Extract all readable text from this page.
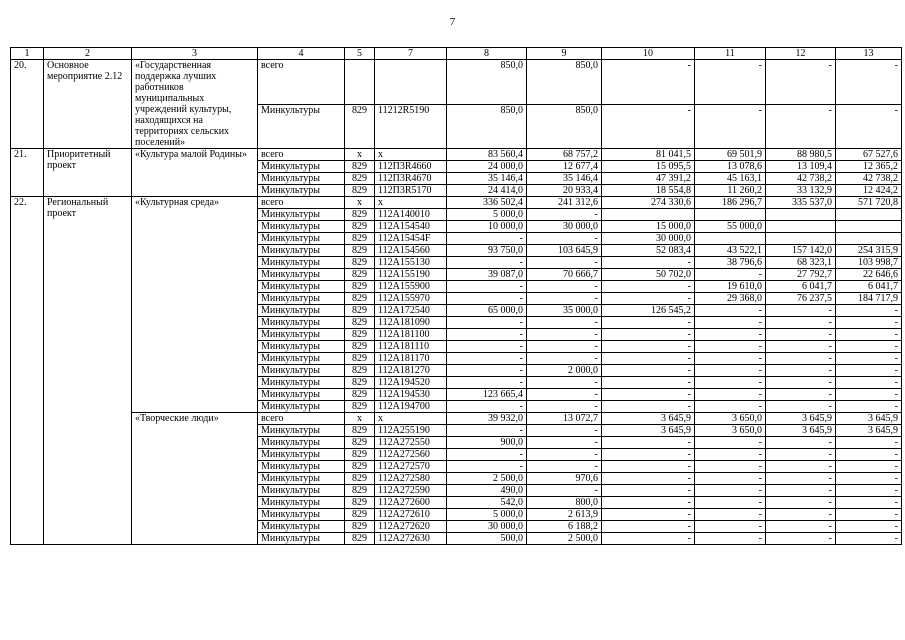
7
1	2	3	4	5	7	8	9	10	11	12	13
20.	Основное мероприятие 2.12	«Государственная поддержка лучших работников муниципальных учреждений культуры, находящихся на территориях сельских поселений»	всего			850,0	850,0	-	-	-	-
			Минкультуры	829	11212R5190	850,0	850,0	-	-	-	-
21.	Приоритетный проект	«Культура малой Родины»	всего	х	х	83 560,4	68 757,2	81 041,5	69 501,9	88 980,5	67 527,6
			Минкультуры	829	112П3R4660	24 000,0	12 677,4	15 095,5	13 078,6	13 109,4	12 365,2
			Минкультуры	829	112П3R4670	35 146,4	35 146,4	47 391,2	45 163,1	42 738,2	42 738,2
			Минкультуры	829	112П3R5170	24 414,0	20 933,4	18 554,8	11 260,2	33 132,9	12 424,2
22.	Региональный проект	«Культурная среда»	всего	х	х	336 502,4	241 312,6	274 330,6	186 296,7	335 537,0	571 720,8
			Минкультуры	829	112A140010	5 000,0	-				
			Минкультуры	829	112A154540	10 000,0	30 000,0	15 000,0	55 000,0		
			Минкультуры	829	112A15454F	-	-	30 000,0			
			Минкультуры	829	112A154560	93 750,0	103 645,9	52 083,4	43 522,1	157 142,0	254 315,9
			Минкультуры	829	112A155130	-	-	-	38 796,6	68 323,1	103 998,7
			Минкультуры	829	112A155190	39 087,0	70 666,7	50 702,0	-	27 792,7	22 646,6
			Минкультуры	829	112A155900	-	-	-	19 610,0	6 041,7	6 041,7
			Минкультуры	829	112A155970	-	-	-	29 368,0	76 237,5	184 717,9
			Минкультуры	829	112A172540	65 000,0	35 000,0	126 545,2	-	-	-
			Минкультуры	829	112A181090	-	-	-	-	-	-
			Минкультуры	829	112A181100	-	-	-	-	-	-
			Минкультуры	829	112A181110	-	-	-	-	-	-
			Минкультуры	829	112A181170	-	-	-	-	-	-
			Минкультуры	829	112A181270	-	2 000,0	-	-	-	-
			Минкультуры	829	112A194520	-	-	-	-	-	-
			Минкультуры	829	112A194530	123 665,4	-	-	-	-	-
			Минкультуры	829	112A194700	-	-	-	-	-	-
		«Творческие люди»	всего	х	х	39 932,0	13 072,7	3 645,9	3 650,0	3 645,9	3 645,9
			Минкультуры	829	112A255190	-	-	3 645,9	3 650,0	3 645,9	3 645,9
			Минкультуры	829	112A272550	900,0	-	-	-	-	-
			Минкультуры	829	112A272560	-	-	-	-	-	-
			Минкультуры	829	112A272570	-	-	-	-	-	-
			Минкультуры	829	112A272580	2 500,0	970,6	-	-	-	-
			Минкультуры	829	112A272590	490,0	-	-	-	-	-
			Минкультуры	829	112A272600	542,0	800,0	-	-	-	-
			Минкультуры	829	112A272610	5 000,0	2 613,9	-	-	-	-
			Минкультуры	829	112A272620	30 000,0	6 188,2	-	-	-	-
			Минкультуры	829	112A272630	500,0	2 500,0	-	-	-	-
